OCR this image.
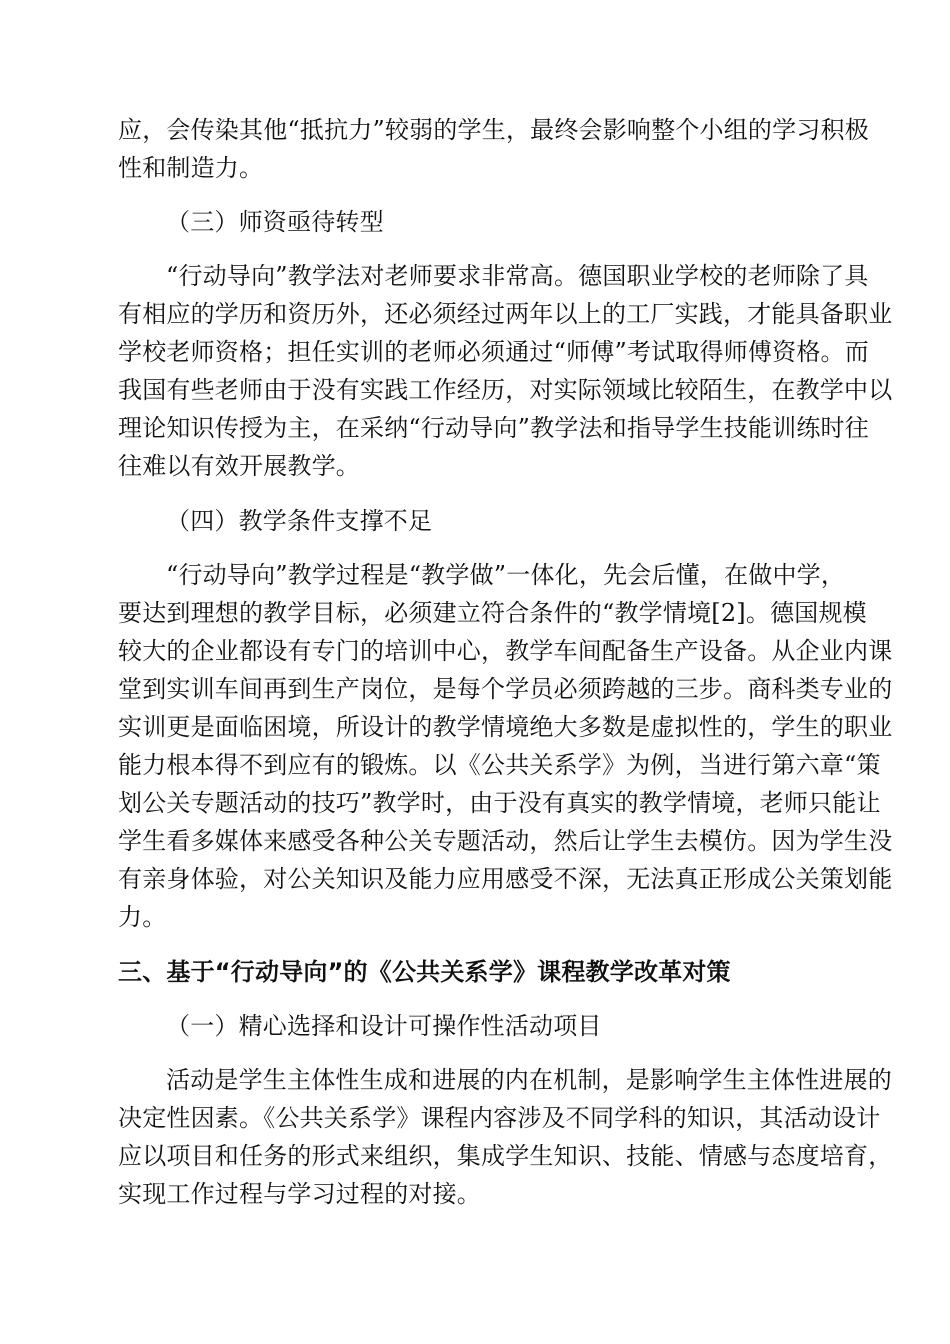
应，会传染其他“抵抗力”较弱的学生，最终会影响整个小组的学习积极
性和制造力。
（三）师资亟待转型
“行动导向”教学法对老师要求非常高。德国职业学校的老师除了具
有相应的学历和资历外，还必须经过两年以上的工厂实践，才能具备职业
学校老师资格；担任实训的老师必须通过“师傅”考试取得师傅资格。而
我国有些老师由于没有实践工作经历，对实际领域比较陌生，在教学中以
理论知识传授为主，在采纳“行动导向”教学法和指导学生技能训练时往
往难以有效开展教学。
（四）教学条件支撑不足
“行动导向”教学过程是“教学做”一体化，先会后懂，在做中学，
要达到理想的教学目标，必须建立符合条件的“教学情境[2]。德国规模
较大的企业都设有专门的培训中心，教学车间配备生产设备。从企业内课
堂到实训车间再到生产岗位，是每个学员必须跨越的三步。商科类专业的
实训更是面临困境，所设计的教学情境绝大多数是虚拟性的，学生的职业
能力根本得不到应有的锻炼。以《公共关系学》为例，当进行第六章“策
划公关专题活动的技巧”教学时，由于没有真实的教学情境，老师只能让
学生看多媒体来感受各种公关专题活动，然后让学生去模仿。因为学生没
有亲身体验，对公关知识及能力应用感受不深，无法真正形成公关策划能
力。
三、基于“行动导向”的《公共关系学》课程教学改革对策
（一）精心选择和设计可操作性活动项目
活动是学生主体性生成和进展的内在机制，是影响学生主体性进展的
决定性因素。《公共关系学》课程内容涉及不同学科的知识，其活动设计
应以项目和任务的形式来组织，集成学生知识、技能、情感与态度培育，
实现工作过程与学习过程的对接。
